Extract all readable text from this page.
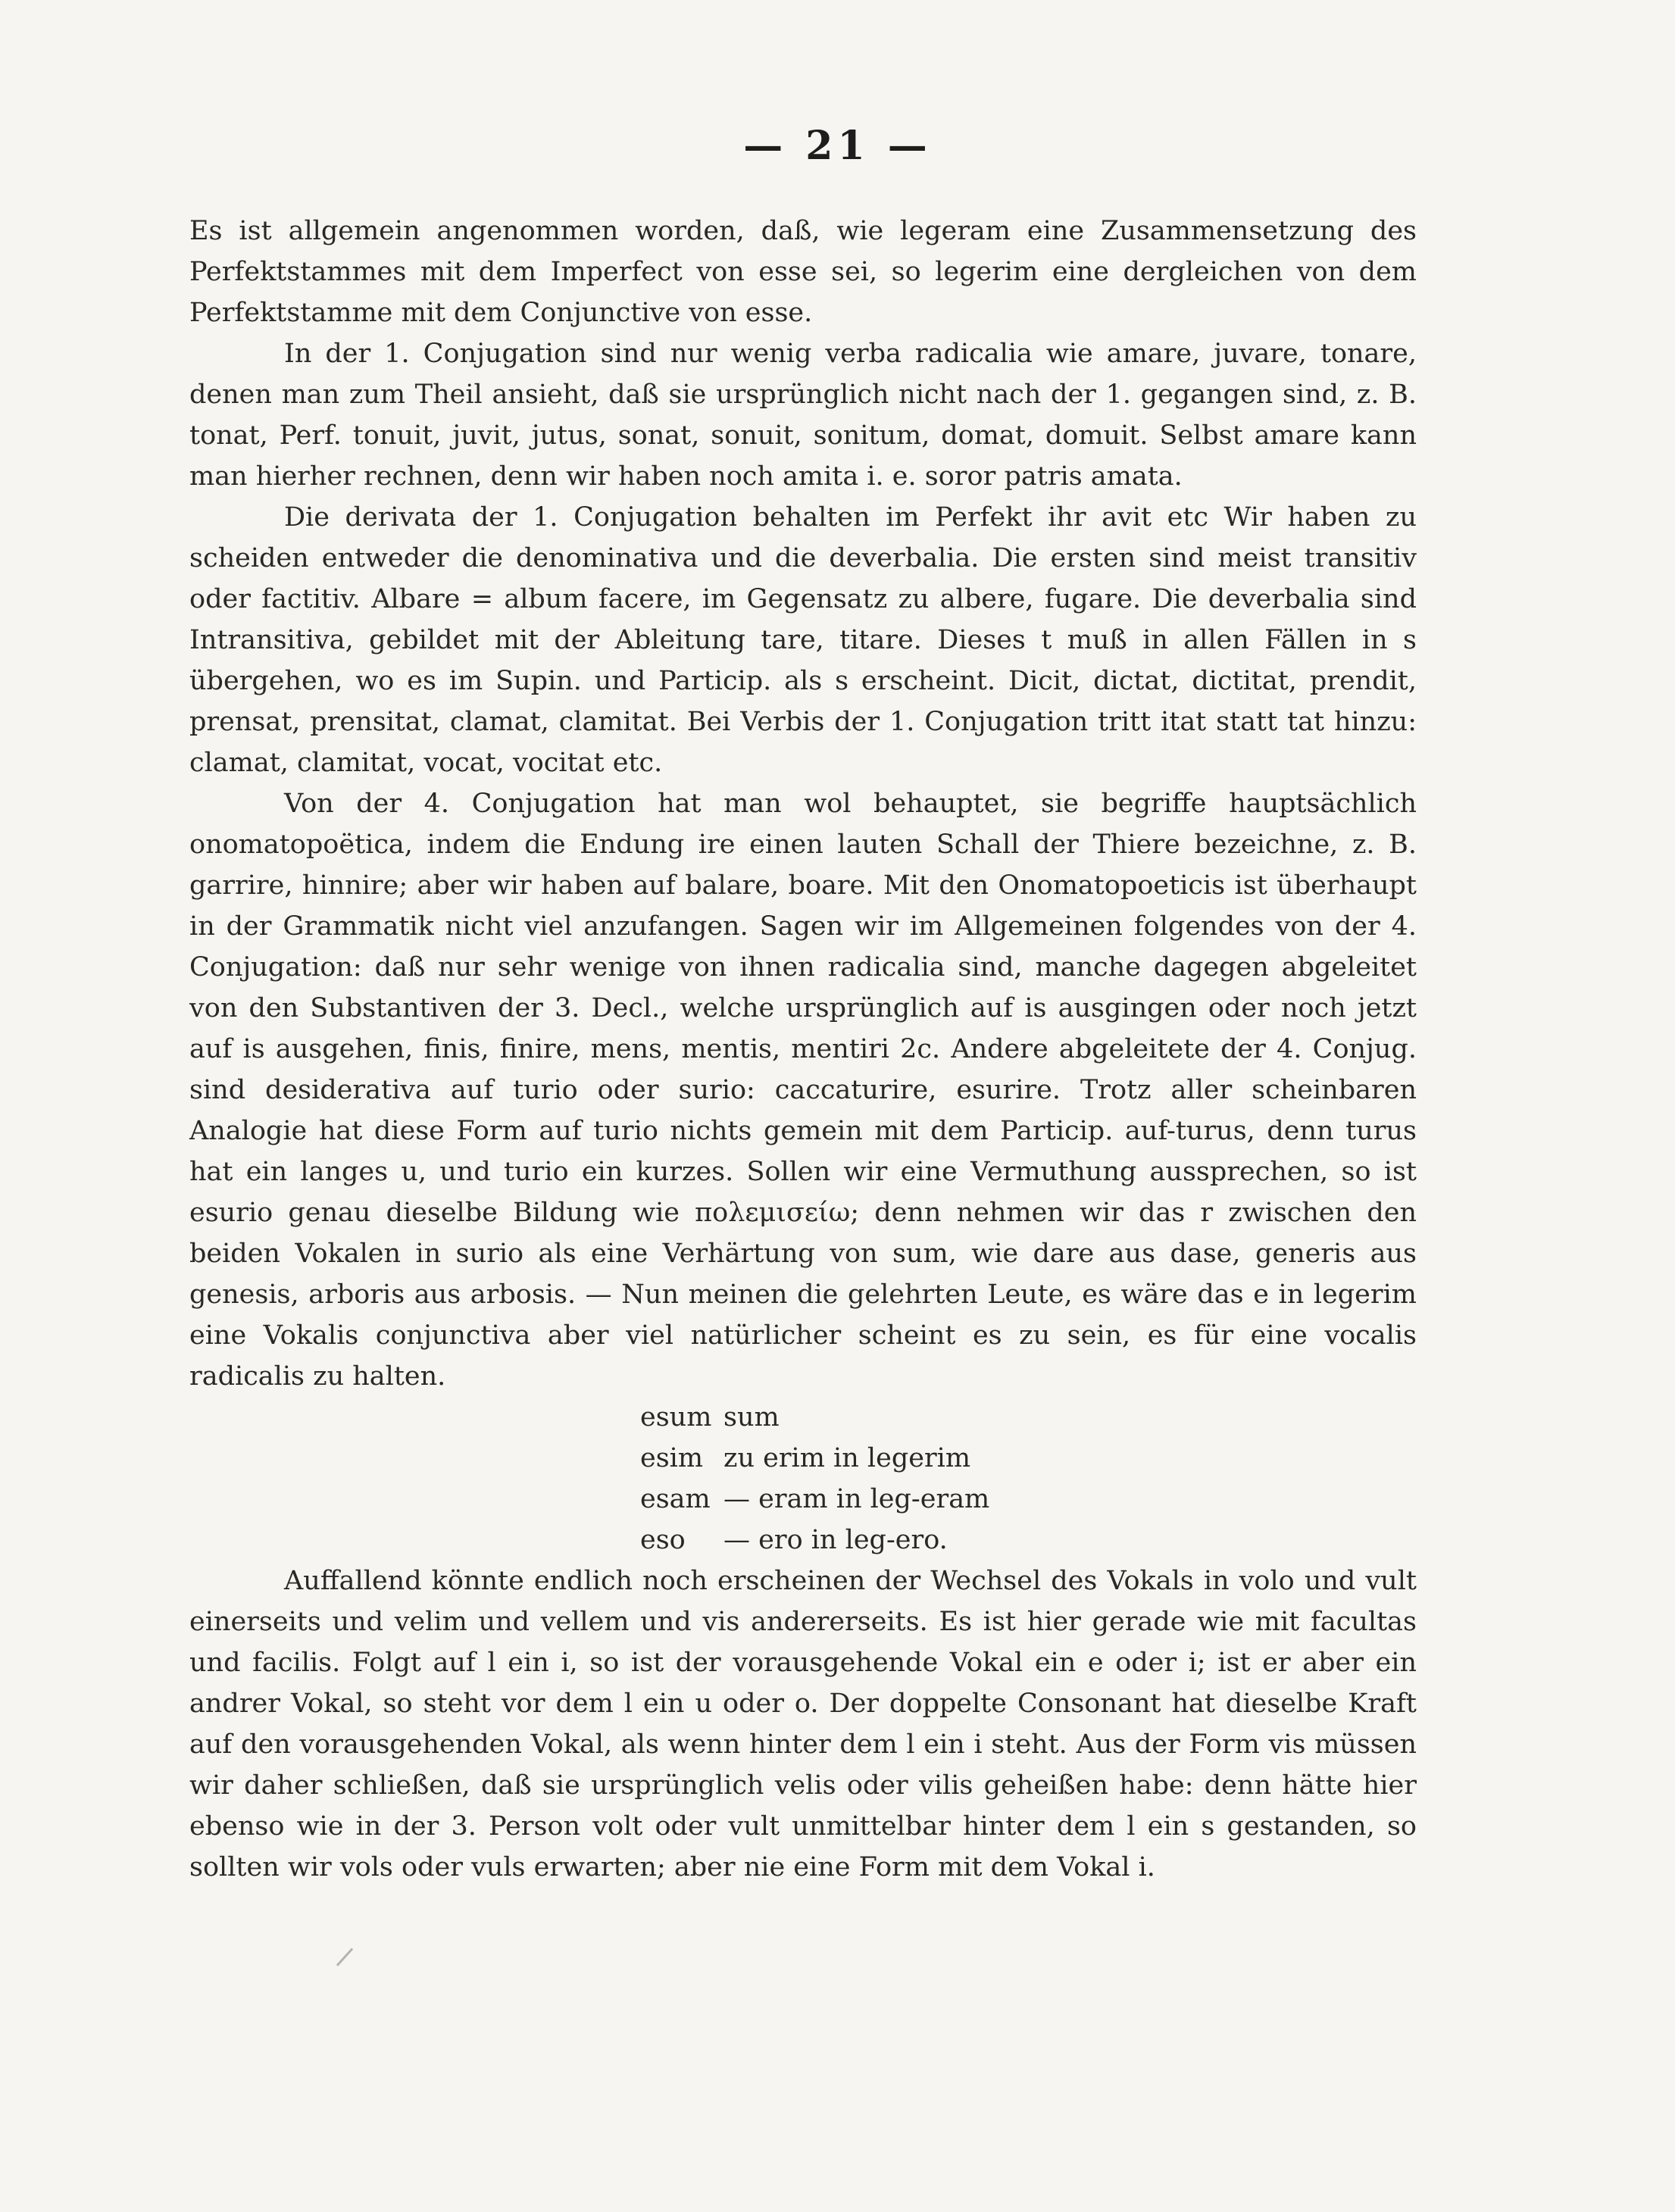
— 21 —

Es ist allgemein angenommen worden, daß, wie legeram eine Zusammensetzung des Perfektstammes mit dem Imperfect von esse sei, so legerim eine dergleichen von dem Perfektstamme mit dem Conjunctive von esse.

In der 1. Conjugation sind nur wenig verba radicalia wie amare, juvare, tonare, denen man zum Theil ansieht, daß sie ursprünglich nicht nach der 1. gegangen sind, z. B. tonat, Perf. tonuit, juvit, jutus, sonat, sonuit, sonitum, domat, domuit. Selbst amare kann man hierher rechnen, denn wir haben noch amita i. e. soror patris amata.

Die derivata der 1. Conjugation behalten im Perfekt ihr avit etc Wir haben zu scheiden entweder die denominativa und die deverbalia. Die ersten sind meist transitiv oder factitiv. Albare = album facere, im Gegensatz zu albere, fugare. Die deverbalia sind Intransitiva, gebildet mit der Ableitung tare, titare. Dieses t muß in allen Fällen in s übergehen, wo es im Supin. und Particip. als s erscheint. Dicit, dictat, dictitat, prendit, prensat, prensitat, clamat, clamitat. Bei Verbis der 1. Conjugation tritt itat statt tat hinzu: clamat, clamitat, vocat, vocitat etc.

Von der 4. Conjugation hat man wol behauptet, sie begriffe hauptsächlich onomatopoëtica, indem die Endung ire einen lauten Schall der Thiere bezeichne, z. B. garrire, hinnire; aber wir haben auf balare, boare. Mit den Onomatopoeticis ist überhaupt in der Grammatik nicht viel anzufangen. Sagen wir im Allgemeinen folgendes von der 4. Conjugation: daß nur sehr wenige von ihnen radicalia sind, manche dagegen abgeleitet von den Substantiven der 3. Decl., welche ursprünglich auf is ausgingen oder noch jetzt auf is ausgehen, finis, finire, mens, mentis, mentiri 2c. Andere abgeleitete der 4. Conjug. sind desiderativa auf turio oder surio: caccaturire, esurire. Trotz aller scheinbaren Analogie hat diese Form auf turio nichts gemein mit dem Particip. auf-turus, denn turus hat ein langes u, und turio ein kurzes. Sollen wir eine Vermuthung aussprechen, so ist esurio genau dieselbe Bildung wie πολεμισείω; denn nehmen wir das r zwischen den beiden Vokalen in surio als eine Verhärtung von sum, wie dare aus dase, generis aus genesis, arboris aus arbosis. — Nun meinen die gelehrten Leute, es wäre das e in legerim eine Vokalis conjunctiva aber viel natürlicher scheint es zu sein, es für eine vocalis radicalis zu halten.

esum sum
esim zu erim in legerim
esam — eram in leg-eram
eso	— ero in leg-ero.

Auffallend könnte endlich noch erscheinen der Wechsel des Vokals in volo und vult einerseits und velim und vellem und vis andererseits. Es ist hier gerade wie mit facultas und facilis. Folgt auf l ein i, so ist der vorausgehende Vokal ein e oder i; ist er aber ein andrer Vokal, so steht vor dem l ein u oder o. Der doppelte Consonant hat dieselbe Kraft auf den vorausgehenden Vokal, als wenn hinter dem l ein i steht. Aus der Form vis müssen wir daher schließen, daß sie ursprünglich velis oder vilis geheißen habe: denn hätte hier ebenso wie in der 3. Person volt oder vult unmittelbar hinter dem l ein s gestanden, so sollten wir vols oder vuls erwarten; aber nie eine Form mit dem Vokal i.
